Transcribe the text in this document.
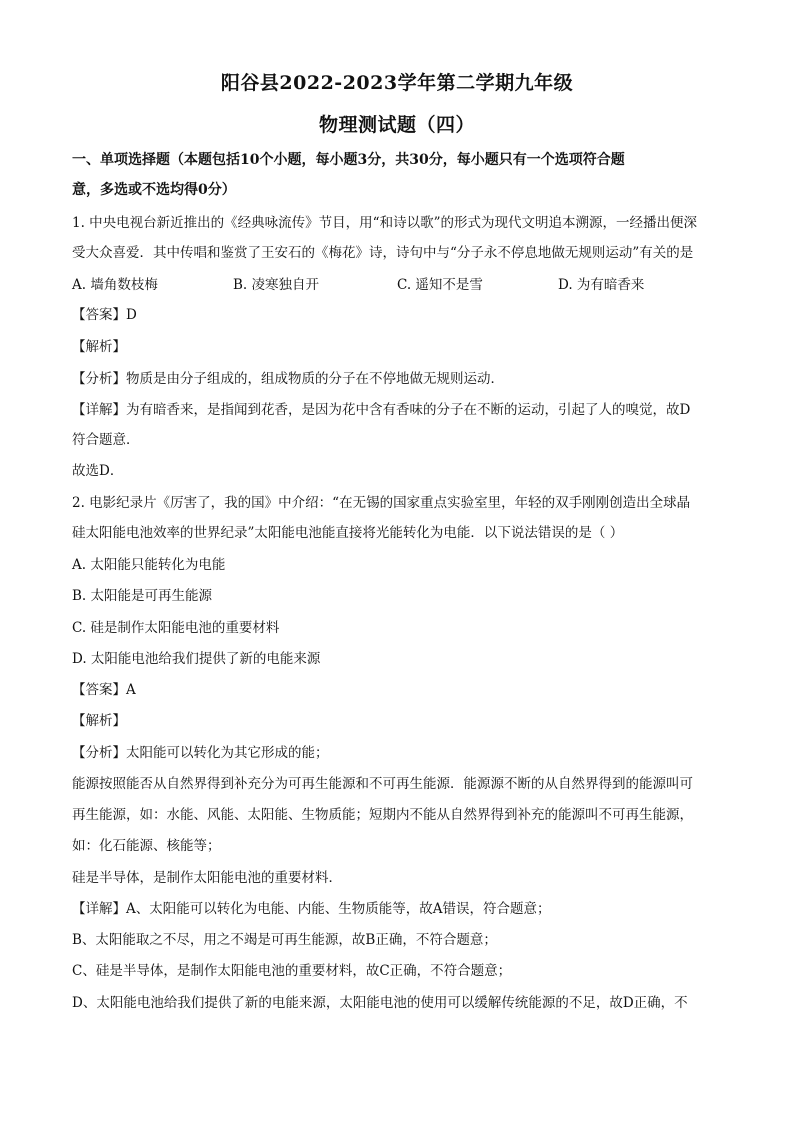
阳谷县2022-2023学年第二学期九年级
物理测试题（四）
一、单项选择题（本题包括10个小题，每小题3分，共30分，每小题只有一个选项符合题
意，多选或不选均得0分）
1. 中央电视台新近推出的《经典咏流传》节目，用“和诗以歌”的形式为现代文明追本溯源，一经播出便深
受大众喜爱．其中传唱和鉴赏了王安石的《梅花》诗，诗句中与“分子永不停息地做无规则运动”有关的是
A. 墙角数枝梅	B. 凌寒独自开	C. 遥知不是雪	D. 为有暗香来
【答案】D
【解析】
【分析】物质是由分子组成的，组成物质的分子在不停地做无规则运动．
【详解】为有暗香来，是指闻到花香，是因为花中含有香味的分子在不断的运动，引起了人的嗅觉，故D
符合题意．
故选D．
2. 电影纪录片《厉害了，我的国》中介绍：“在无锡的国家重点实验室里，年轻的双手刚刚创造出全球晶
硅太阳能电池效率的世界纪录”太阳能电池能直接将光能转化为电能．以下说法错误的是（ ）
A. 太阳能只能转化为电能
B. 太阳能是可再生能源
C. 硅是制作太阳能电池的重要材料
D. 太阳能电池给我们提供了新的电能来源
【答案】A
【解析】
【分析】太阳能可以转化为其它形成的能；
能源按照能否从自然界得到补充分为可再生能源和不可再生能源．能源源不断的从自然界得到的能源叫可
再生能源，如：水能、风能、太阳能、生物质能；短期内不能从自然界得到补充的能源叫不可再生能源，
如：化石能源、核能等；
硅是半导体，是制作太阳能电池的重要材料．
【详解】A、太阳能可以转化为电能、内能、生物质能等，故A错误，符合题意；
B、太阳能取之不尽，用之不竭是可再生能源，故B正确，不符合题意；
C、硅是半导体，是制作太阳能电池的重要材料，故C正确，不符合题意；
D、太阳能电池给我们提供了新的电能来源，太阳能电池的使用可以缓解传统能源的不足，故D正确，不
